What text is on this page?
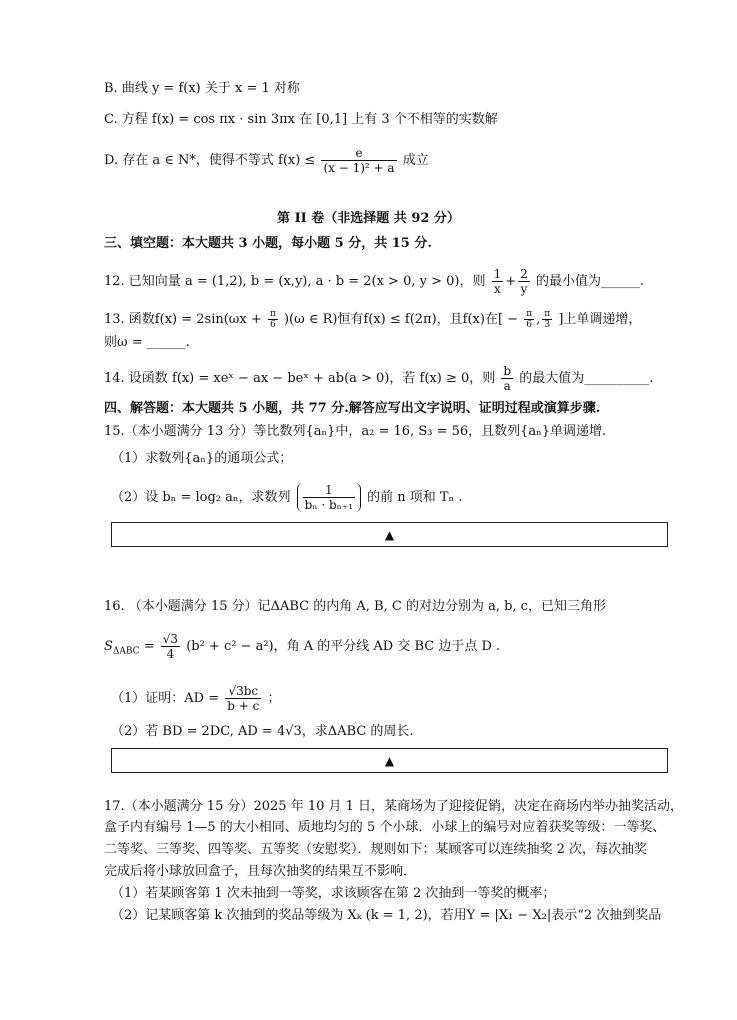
B. 曲线 y = f(x) 关于 x = 1 对称
C. 方程 f(x) = cos πx · sin 3πx 在 [0,1] 上有 3 个不相等的实数解
D. 存在 a ∈ N*，使得不等式 $f(x) \le \frac{e}{\text{(x − 1)² + a}}$ 成立
第 II 卷（非选择题 共 92 分）
三、填空题：本大题共 3 小题，每小题 5 分，共 15 分.
12. 已知向量 a = (1,2), b = (x,y), a · b = 2(x > 0, y > 0)，则 $\frac{1}{x} + \frac{2}{y}$ 的最小值为______.
13. 函数$f(x) = 2\sin(\omega x + \frac{\pi}{6} )(\omega$ ∈ R)恒有f(x) ≤ f(2π)，且f(x)在[ − $\frac{\pi}{6}$ , $\frac{\pi}{3}$ ]上单调递增，
则ω = ______.
14. 设函数 f(x) = xeˣ − ax − beˣ + ab(a > 0)，若 f(x) ≥ 0，则 $\frac{b}{a}$ 的最大值为__________.
四、解答题：本大题共 5 小题，共 77 分.解答应写出文字说明、证明过程或演算步骤.
15.（本小题满分 13 分）等比数列{aₙ}中，a₂ = 16, S₃ = 56，且数列{aₙ}单调递增.
（1）求数列{aₙ}的通项公式；
（2）设 bₙ = log₂ aₙ，求数列 $\frac{1}{\text{bₙ · bₙ₊₁}}$ 的前 n 项和 Tₙ .
▲
16. （本小题满分 15 分）记ΔABC 的内角 A, B, C 的对边分别为 a, b, c，已知三角形
$S_{\Delta ABC} = \frac{√3}{4} (b^2 + c^2 - a^2)$，角 A 的平分线 AD 交 BC 边于点 D .
（1）证明：AD = $\frac{√3bc}{b + c}$ ；
（2）若 BD = 2DC, AD = 4√3，求ΔABC 的周长.
▲
17.（本小题满分 15 分）2025 年 10 月 1 日，某商场为了迎接促销，决定在商场内举办抽奖活动，
盒子内有编号 1—5 的大小相同、质地均匀的 5 个小球．小球上的编号对应着获奖等级：一等奖、
二等奖、三等奖、四等奖、五等奖（安慰奖）．规则如下：某顾客可以连续抽奖 2 次，每次抽奖
完成后将小球放回盒子，且每次抽奖的结果互不影响．
（1）若某顾客第 1 次未抽到一等奖，求该顾客在第 2 次抽到一等奖的概率；
（2）记某顾客第 k 次抽到的奖品等级为 Xₖ (k = 1, 2)，若用Y = |X₁ − X₂|表示“2 次抽到奖品
